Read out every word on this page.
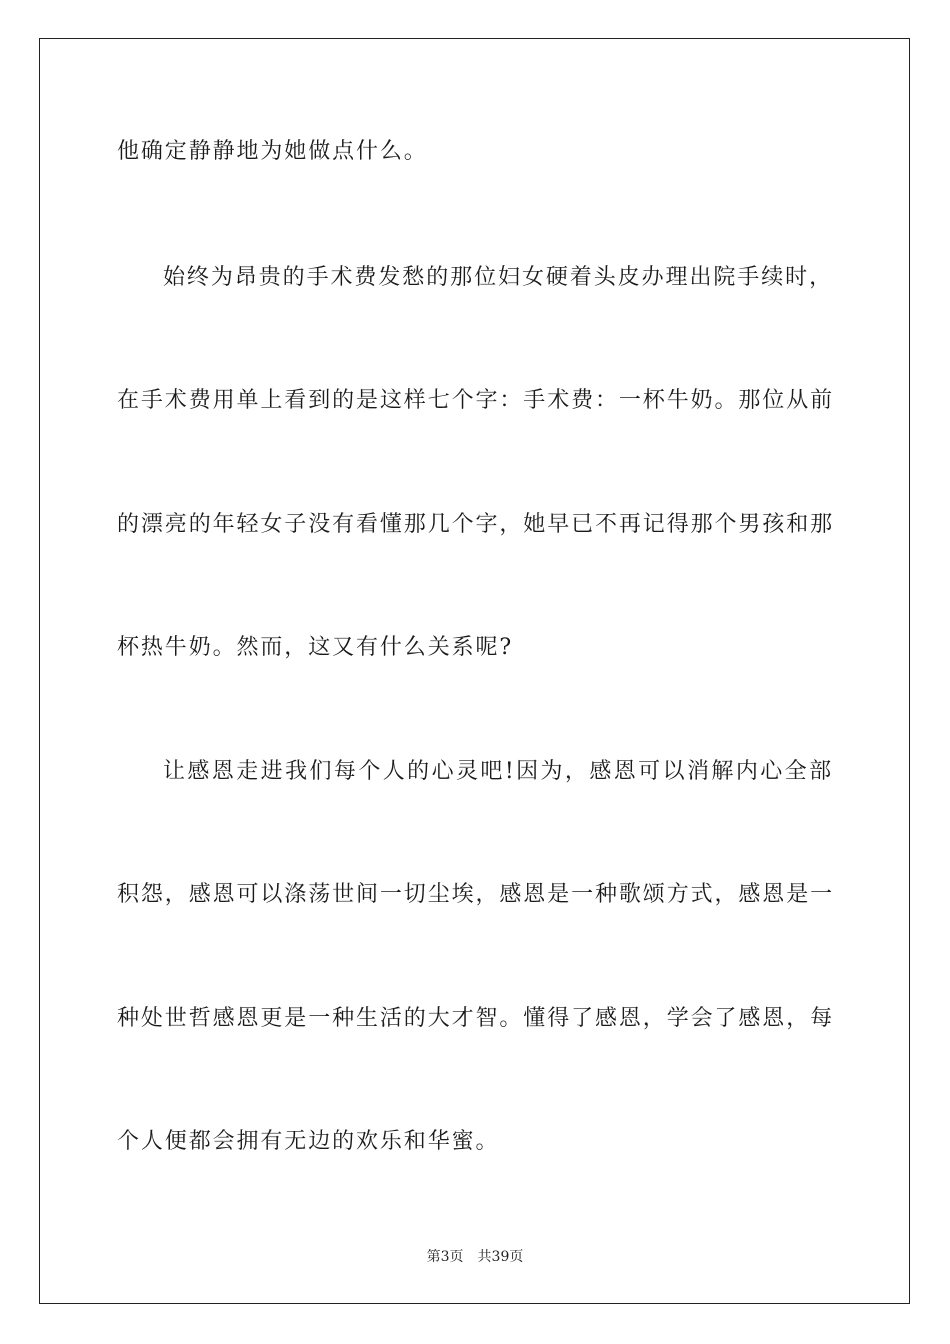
他确定静静地为她做点什么。
始终为昂贵的手术费发愁的那位妇女硬着头皮办理出院手续时，
在手术费用单上看到的是这样七个字：手术费：一杯牛奶。那位从前
的漂亮的年轻女子没有看懂那几个字，她早已不再记得那个男孩和那
杯热牛奶。然而，这又有什么关系呢?
让感恩走进我们每个人的心灵吧!因为，感恩可以消解内心全部
积怨，感恩可以涤荡世间一切尘埃，感恩是一种歌颂方式，感恩是一
种处世哲感恩更是一种生活的大才智。懂得了感恩，学会了感恩，每
个人便都会拥有无边的欢乐和华蜜。
第3页 共39页
